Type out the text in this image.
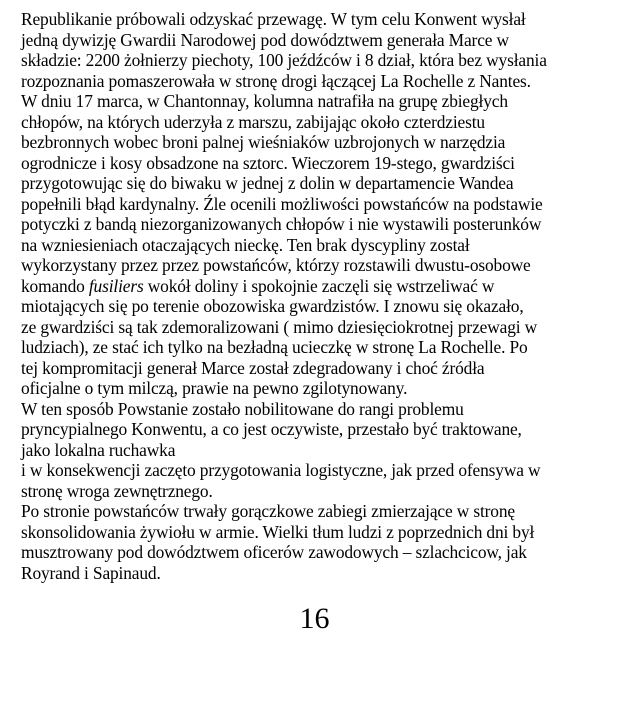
Republikanie próbowali odzyskać przewagę. W tym celu Konwent wysłał
jedną dywizję Gwardii Narodowej pod dowództwem generała Marce w
składzie: 2200 żołnierzy piechoty, 100 jeźdźców i 8 dział, która bez wysłania
rozpoznania pomaszerowała w stronę drogi łączącej La Rochelle z Nantes.
W dniu 17 marca, w Chantonnay, kolumna natrafiła na grupę zbiegłych
chłopów, na których uderzyła z marszu, zabijając około czterdziestu
bezbronnych wobec broni palnej wieśniaków uzbrojonych w narzędzia
ogrodnicze i kosy obsadzone na sztorc. Wieczorem 19-stego, gwardziści
przygotowując się do biwaku w jednej z dolin w departamencie Wandea
popełnili błąd kardynalny. Źle ocenili możliwości powstańców na podstawie
potyczki z bandą niezorganizowanych chłopów i nie wystawili posterunków
na wzniesieniach otaczających nieckę. Ten brak dyscypliny został
wykorzystany przez przez powstańców, którzy rozstawili dwustu-osobowe
komando fusiliers wokół doliny i spokojnie zaczęli się wstrzeliwać w
miotających się po terenie obozowiska gwardzistów. I znowu się okazało,
ze gwardziści są tak zdemoralizowani ( mimo dziesięciokrotnej przewagi w
ludziach), ze stać ich tylko na bezładną ucieczkę w stronę La Rochelle. Po
tej kompromitacji generał Marce został zdegradowany i choć źródła
oficjalne o tym milczą, prawie na pewno zgilotynowany.
W ten sposób Powstanie zostało nobilitowane do rangi problemu
pryncypialnego Konwentu, a co jest oczywiste, przestało być traktowane,
jako lokalna ruchawka
i w konsekwencji zaczęto przygotowania logistyczne, jak przed ofensywa w
stronę wroga zewnętrznego.
Po stronie powstańców trwały gorączkowe zabiegi zmierzające w stronę
skonsolidowania żywiołu w armie. Wielki tłum ludzi z poprzednich dni był
musztrowany pod dowództwem oficerów zawodowych – szlachcicow, jak
Royrand i Sapinaud.
16
